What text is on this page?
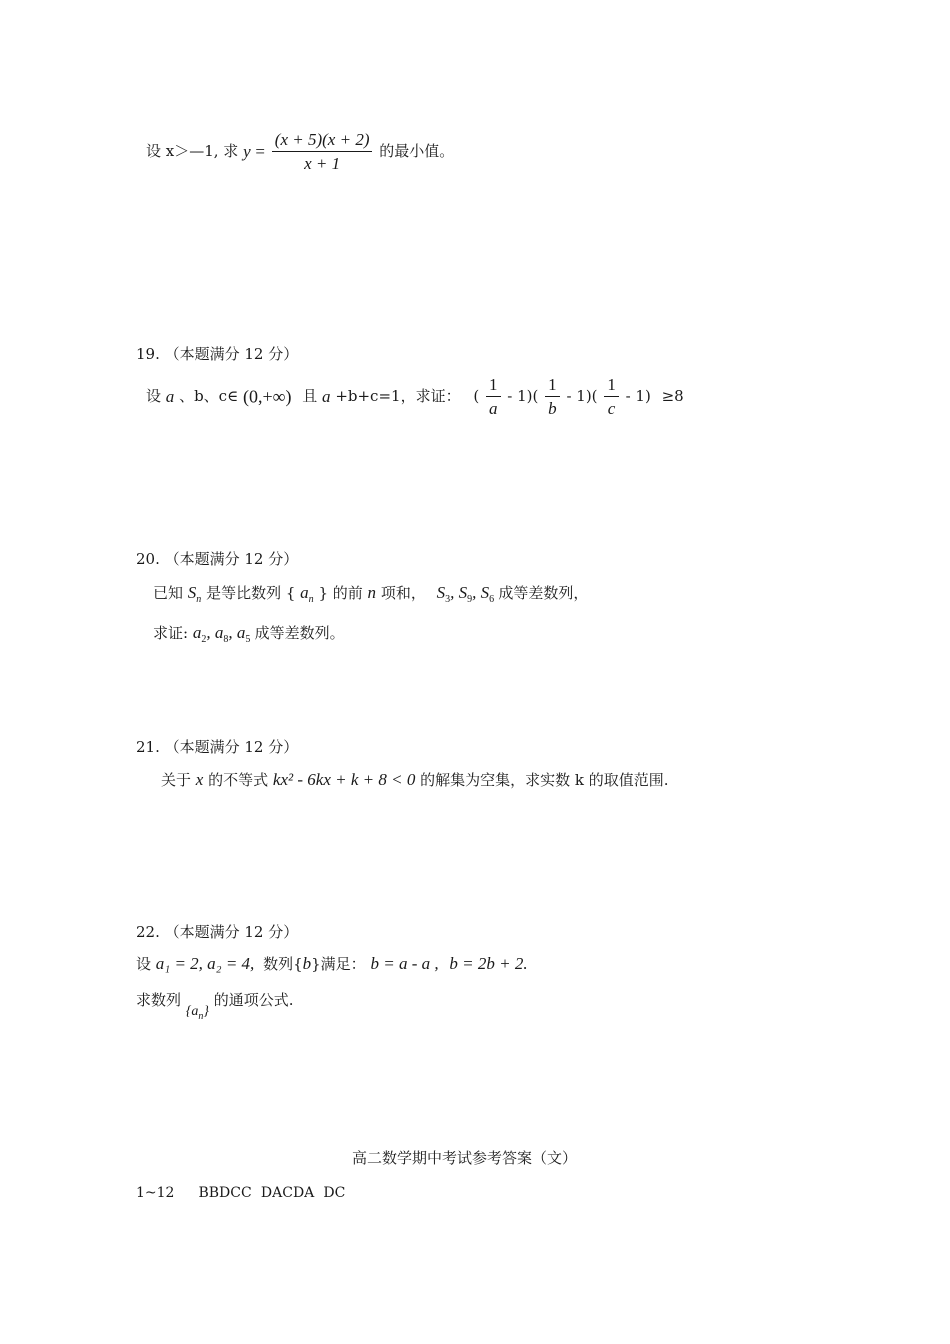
设 x＞—1, 求 $y = \frac{(x + 5)(x + 2)}{x + 1}$ 的最小值。
19. （本题满分 12 分）
设 a 、b、c∈ (0,+∞) 且 a +b+c=1，求证： ( $\frac{1}{a} - 1)( \frac{1}{b} - 1)( \frac{1}{c} - 1) \ge 8$
20. （本题满分 12 分）
已知 $S_n$ 是等比数列 { $a_n$ } 的前 n 项和， $S_3$, $S_9$, $S_6$ 成等差数列，
求证: $a_2$, $a_8$, $a_5$ 成等差数列。
21. （本题满分 12 分）
关于 x 的不等式 kx² - 6kx + k + 8 < 0 的解集为空集，求实数 k 的取值范围.
22. （本题满分 12 分）
设 a₁ = 2, a₂ = 4, 数列{b}满足： b = a - a , b = 2b + 2.
求数列 $\{a_n\}$ 的通项公式.
高二数学期中考试参考答案（文）
1~12 BBDCC DACDA DC
